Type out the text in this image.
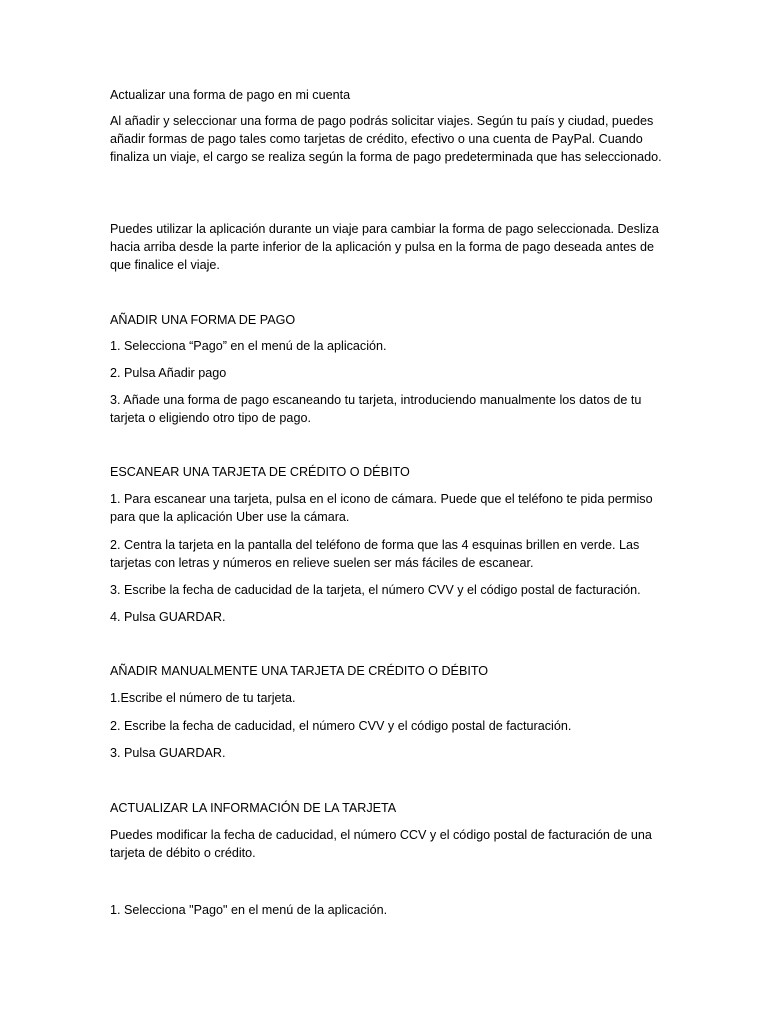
Actualizar una forma de pago en mi cuenta

Al añadir y seleccionar una forma de pago podrás solicitar viajes. Según tu país y ciudad, puedes añadir formas de pago tales como tarjetas de crédito, efectivo o una cuenta de PayPal. Cuando finaliza un viaje, el cargo se realiza según la forma de pago predeterminada que has seleccionado.

Puedes utilizar la aplicación durante un viaje para cambiar la forma de pago seleccionada. Desliza hacia arriba desde la parte inferior de la aplicación y pulsa en la forma de pago deseada antes de que finalice el viaje.

AÑADIR UNA FORMA DE PAGO

1. Selecciona “Pago” en el menú de la aplicación.

2. Pulsa Añadir pago

3. Añade una forma de pago escaneando tu tarjeta, introduciendo manualmente los datos de tu tarjeta o eligiendo otro tipo de pago.

ESCANEAR UNA TARJETA DE CRÉDITO O DÉBITO

1. Para escanear una tarjeta, pulsa en el icono de cámara. Puede que el teléfono te pida permiso para que la aplicación Uber use la cámara.

2. Centra la tarjeta en la pantalla del teléfono de forma que las 4 esquinas brillen en verde. Las tarjetas con letras y números en relieve suelen ser más fáciles de escanear.

3. Escribe la fecha de caducidad de la tarjeta, el número CVV y el código postal de facturación.

4. Pulsa GUARDAR.

AÑADIR MANUALMENTE UNA TARJETA DE CRÉDITO O DÉBITO

1.Escribe el número de tu tarjeta.

2. Escribe la fecha de caducidad, el número CVV y el código postal de facturación.

3. Pulsa GUARDAR.

ACTUALIZAR LA INFORMACIÓN DE LA TARJETA

Puedes modificar la fecha de caducidad, el número CCV y el código postal de facturación de una tarjeta de débito o crédito.

1. Selecciona "Pago" en el menú de la aplicación.
